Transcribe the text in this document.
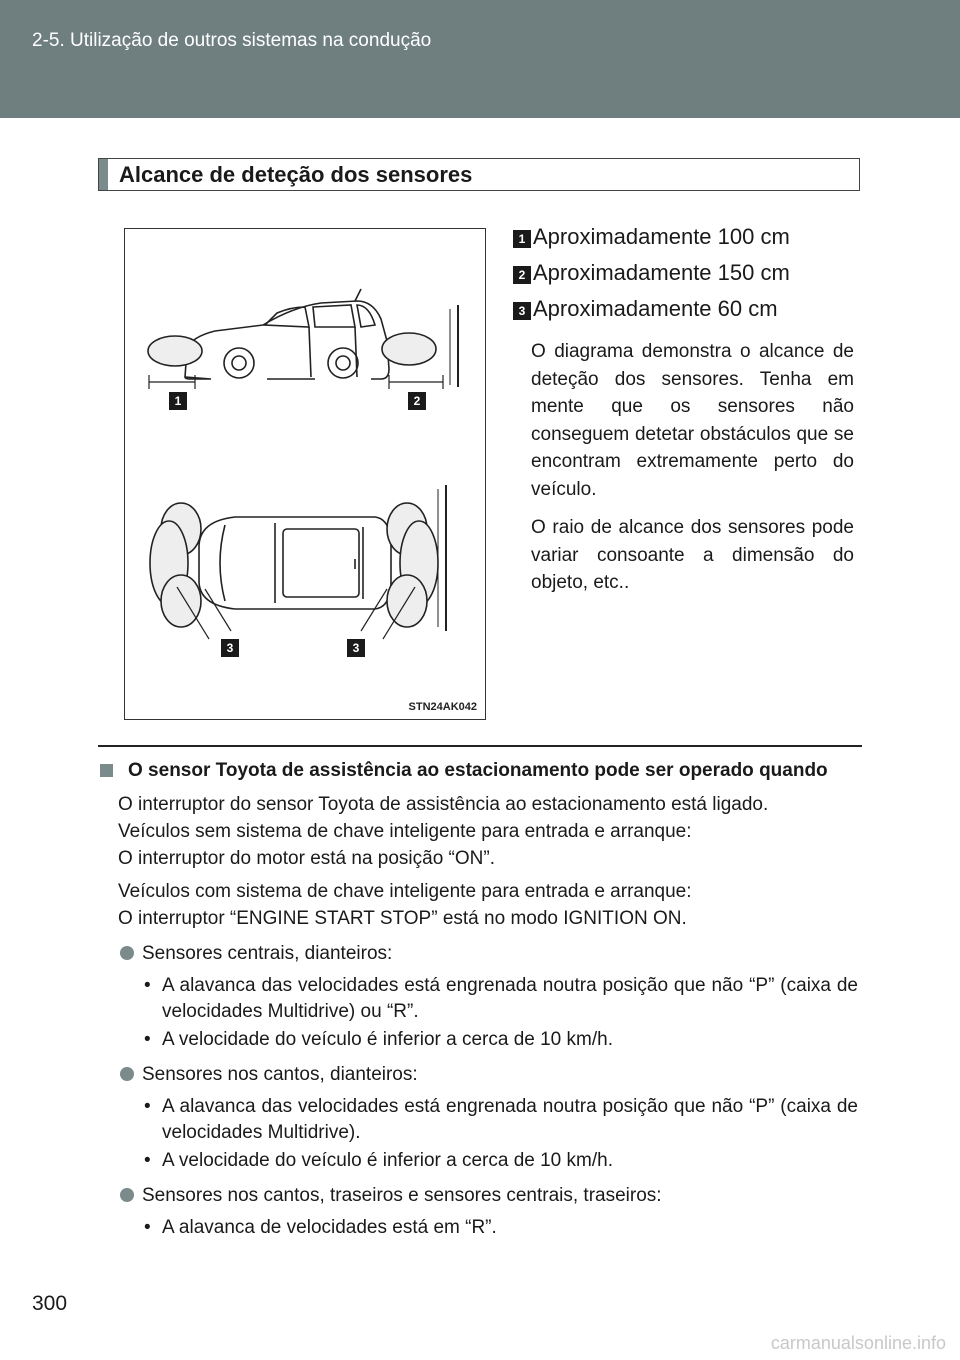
2-5. Utilização de outros sistemas na condução
Alcance de deteção dos sensores
1	2
3	3
STN24AK042
1 Aproximadamente 100 cm
2 Aproximadamente 150 cm
3 Aproximadamente 60 cm
O diagrama demonstra o alcance de deteção dos sensores. Tenha em mente que os sensores não conseguem detetar obstáculos que se encontram extremamente perto do veículo.
O raio de alcance dos sensores pode variar consoante a dimensão do objeto, etc..
O sensor Toyota de assistência ao estacionamento pode ser operado quando
O interruptor do sensor Toyota de assistência ao estacionamento está ligado.
Veículos sem sistema de chave inteligente para entrada e arranque:
O interruptor do motor está na posição “ON”.
Veículos com sistema de chave inteligente para entrada e arranque:
O interruptor “ENGINE START STOP” está no modo IGNITION ON.
Sensores centrais, dianteiros:
• A alavanca das velocidades está engrenada noutra posição que não “P” (caixa de velocidades Multidrive) ou “R”.
• A velocidade do veículo é inferior a cerca de 10 km/h.
Sensores nos cantos, dianteiros:
• A alavanca das velocidades está engrenada noutra posição que não “P” (caixa de velocidades Multidrive).
• A velocidade do veículo é inferior a cerca de 10 km/h.
Sensores nos cantos, traseiros e sensores centrais, traseiros:
• A alavanca de velocidades está em “R”.
300
carmanualsonline.info
